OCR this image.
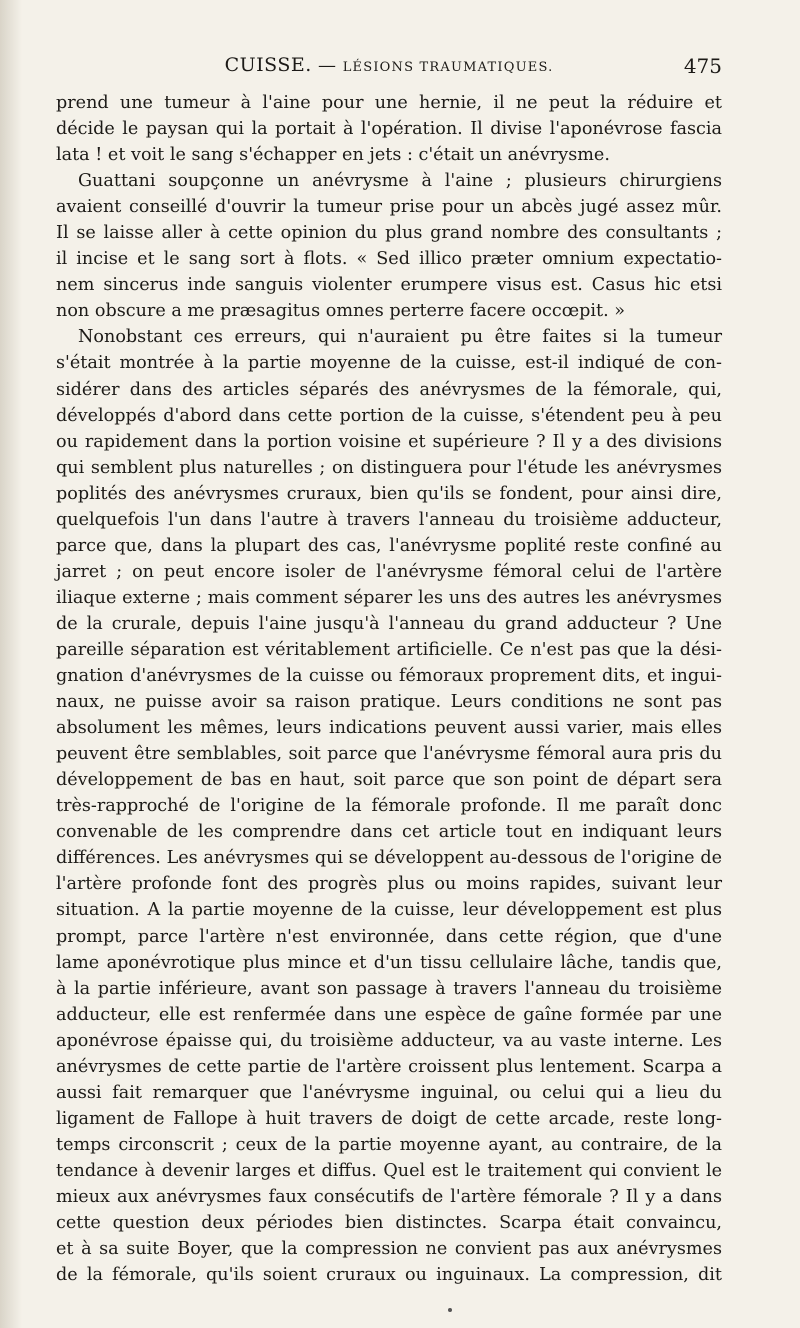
CUISSE. — LÉSIONS TRAUMATIQUES.	475
prend une tumeur à l'aine pour une hernie, il ne peut la réduire et
décide le paysan qui la portait à l'opération. Il divise l'aponévrose fascia
lata ! et voit le sang s'échapper en jets : c'était un anévrysme.
Guattani soupçonne un anévrysme à l'aine ; plusieurs chirurgiens
avaient conseillé d'ouvrir la tumeur prise pour un abcès jugé assez mûr.
Il se laisse aller à cette opinion du plus grand nombre des consultants ;
il incise et le sang sort à flots. « Sed illico præter omnium expectatio-
nem sincerus inde sanguis violenter erumpere visus est. Casus hic etsi
non obscure a me præsagitus omnes perterre facere occœpit. »
Nonobstant ces erreurs, qui n'auraient pu être faites si la tumeur
s'était montrée à la partie moyenne de la cuisse, est-il indiqué de con-
sidérer dans des articles séparés des anévrysmes de la fémorale, qui,
développés d'abord dans cette portion de la cuisse, s'étendent peu à peu
ou rapidement dans la portion voisine et supérieure ? Il y a des divisions
qui semblent plus naturelles ; on distinguera pour l'étude les anévrysmes
poplités des anévrysmes cruraux, bien qu'ils se fondent, pour ainsi dire,
quelquefois l'un dans l'autre à travers l'anneau du troisième adducteur,
parce que, dans la plupart des cas, l'anévrysme poplité reste confiné au
jarret ; on peut encore isoler de l'anévrysme fémoral celui de l'artère
iliaque externe ; mais comment séparer les uns des autres les anévrysmes
de la crurale, depuis l'aine jusqu'à l'anneau du grand adducteur ? Une
pareille séparation est véritablement artificielle. Ce n'est pas que la dési-
gnation d'anévrysmes de la cuisse ou fémoraux proprement dits, et ingui-
naux, ne puisse avoir sa raison pratique. Leurs conditions ne sont pas
absolument les mêmes, leurs indications peuvent aussi varier, mais elles
peuvent être semblables, soit parce que l'anévrysme fémoral aura pris du
développement de bas en haut, soit parce que son point de départ sera
très-rapproché de l'origine de la fémorale profonde. Il me paraît donc
convenable de les comprendre dans cet article tout en indiquant leurs
différences. Les anévrysmes qui se développent au-dessous de l'origine de
l'artère profonde font des progrès plus ou moins rapides, suivant leur
situation. A la partie moyenne de la cuisse, leur développement est plus
prompt, parce l'artère n'est environnée, dans cette région, que d'une
lame aponévrotique plus mince et d'un tissu cellulaire lâche, tandis que,
à la partie inférieure, avant son passage à travers l'anneau du troisième
adducteur, elle est renfermée dans une espèce de gaîne formée par une
aponévrose épaisse qui, du troisième adducteur, va au vaste interne. Les
anévrysmes de cette partie de l'artère croissent plus lentement. Scarpa a
aussi fait remarquer que l'anévrysme inguinal, ou celui qui a lieu du
ligament de Fallope à huit travers de doigt de cette arcade, reste long-
temps circonscrit ; ceux de la partie moyenne ayant, au contraire, de la
tendance à devenir larges et diffus. Quel est le traitement qui convient le
mieux aux anévrysmes faux consécutifs de l'artère fémorale ? Il y a dans
cette question deux périodes bien distinctes. Scarpa était convaincu,
et à sa suite Boyer, que la compression ne convient pas aux anévrysmes
de la fémorale, qu'ils soient cruraux ou inguinaux. La compression, dit
